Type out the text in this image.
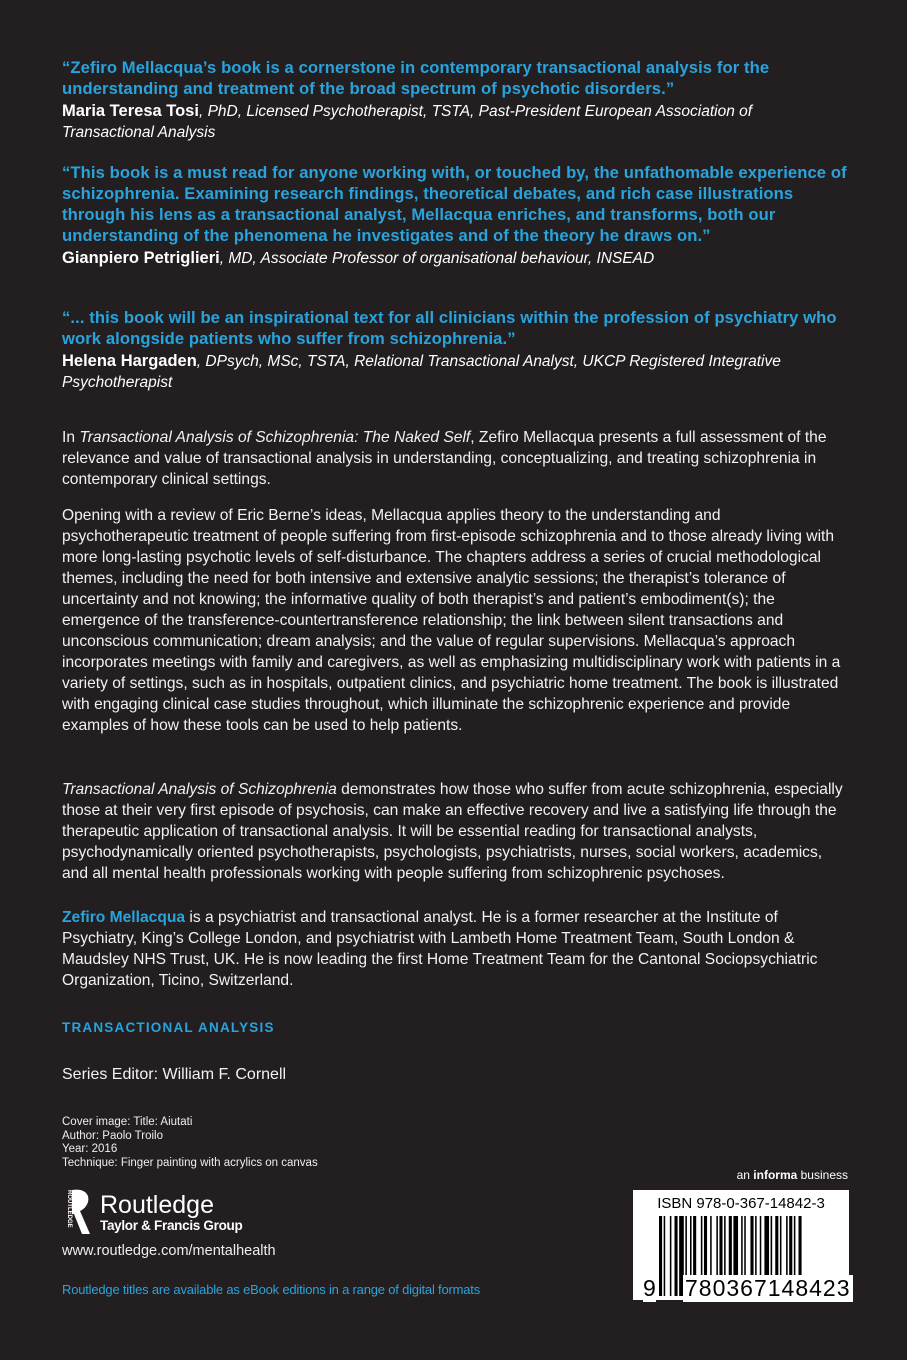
“Zefiro Mellacqua’s book is a cornerstone in contemporary transactional analysis for the understanding and treatment of the broad spectrum of psychotic disorders.”
Maria Teresa Tosi, PhD, Licensed Psychotherapist, TSTA, Past-President European Association of Transactional Analysis
“This book is a must read for anyone working with, or touched by, the unfathomable experience of schizophrenia. Examining research findings, theoretical debates, and rich case illustrations through his lens as a transactional analyst, Mellacqua enriches, and transforms, both our understanding of the phenomena he investigates and of the theory he draws on.”
Gianpiero Petriglieri, MD, Associate Professor of organisational behaviour, INSEAD
“... this book will be an inspirational text for all clinicians within the profession of psychiatry who work alongside patients who suffer from schizophrenia.”
Helena Hargaden, DPsych, MSc, TSTA, Relational Transactional Analyst, UKCP Registered Integrative Psychotherapist
In Transactional Analysis of Schizophrenia: The Naked Self, Zefiro Mellacqua presents a full assessment of the relevance and value of transactional analysis in understanding, conceptualizing, and treating schizophrenia in contemporary clinical settings.
Opening with a review of Eric Berne’s ideas, Mellacqua applies theory to the understanding and psychotherapeutic treatment of people suffering from first-episode schizophrenia and to those already living with more long-lasting psychotic levels of self-disturbance. The chapters address a series of crucial methodological themes, including the need for both intensive and extensive analytic sessions; the therapist’s tolerance of uncertainty and not knowing; the informative quality of both therapist’s and patient’s embodiment(s); the emergence of the transference-countertransference relationship; the link between silent transactions and unconscious communication; dream analysis; and the value of regular supervisions. Mellacqua’s approach incorporates meetings with family and caregivers, as well as emphasizing multidisciplinary work with patients in a variety of settings, such as in hospitals, outpatient clinics, and psychiatric home treatment. The book is illustrated with engaging clinical case studies throughout, which illuminate the schizophrenic experience and provide examples of how these tools can be used to help patients.
Transactional Analysis of Schizophrenia demonstrates how those who suffer from acute schizophrenia, especially those at their very first episode of psychosis, can make an effective recovery and live a satisfying life through the therapeutic application of transactional analysis. It will be essential reading for transactional analysts, psychodynamically oriented psychotherapists, psychologists, psychiatrists, nurses, social workers, academics, and all mental health professionals working with people suffering from schizophrenic psychoses.
Zefiro Mellacqua is a psychiatrist and transactional analyst. He is a former researcher at the Institute of Psychiatry, King’s College London, and psychiatrist with Lambeth Home Treatment Team, South London & Maudsley NHS Trust, UK. He is now leading the first Home Treatment Team for the Cantonal Sociopsychiatric Organization, Ticino, Switzerland.
TRANSACTIONAL ANALYSIS
Series Editor: William F. Cornell
Cover image: Title: Aiutati
Author: Paolo Troilo
Year: 2016
Technique: Finger painting with acrylics on canvas
ROUTLEDGE Routledge
Taylor & Francis Group
www.routledge.com/mentalhealth
Routledge titles are available as eBook editions in a range of digital formats
an informa business
ISBN 978-0-367-14842-3
9 780367148423
